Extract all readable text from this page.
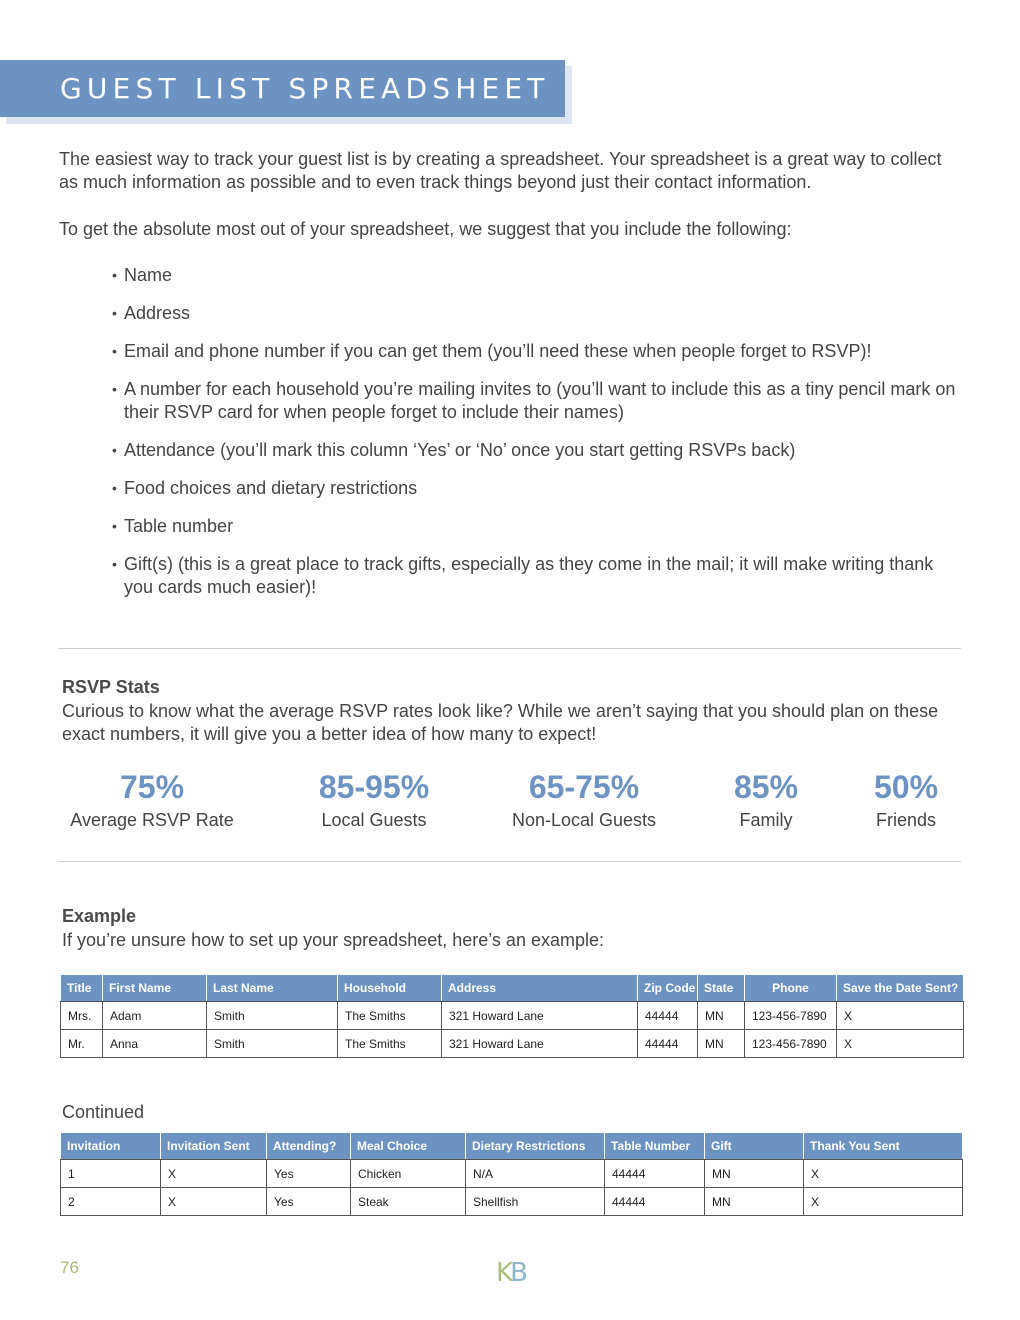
GUEST LIST SPREADSHEET

The easiest way to track your guest list is by creating a spreadsheet. Your spreadsheet is a great way to collect as much information as possible and to even track things beyond just their contact information.

To get the absolute most out of your spreadsheet, we suggest that you include the following:

• Name
• Address
• Email and phone number if you can get them (you’ll need these when people forget to RSVP)!
• A number for each household you’re mailing invites to (you’ll want to include this as a tiny pencil mark on their RSVP card for when people forget to include their names)
• Attendance (you’ll mark this column ‘Yes’ or ‘No’ once you start getting RSVPs back)
• Food choices and dietary restrictions
• Table number
• Gift(s) (this is a great place to track gifts, especially as they come in the mail; it will make writing thank you cards much easier)!
RSVP Stats

Curious to know what the average RSVP rates look like? While we aren’t saying that you should plan on these exact numbers, it will give you a better idea of how many to expect!

75%
Average RSVP Rate
85-95%
Local Guests
65-75%
Non-Local Guests
85%
Family
50%
Friends
Example

If you’re unsure how to set up your spreadsheet, here’s an example:

Title	First Name	Last Name	Household	Address	Zip Code	State	Phone	Save the Date Sent?
Mrs.	Adam	Smith	The Smiths	321 Howard Lane	44444	MN	123-456-7890	X
Mr.	Anna	Smith	The Smiths	321 Howard Lane	44444	MN	123-456-7890	X
Continued
Invitation	Invitation Sent	Attending?	Meal Choice	Dietary Restrictions	Table Number	Gift	Thank You Sent
1	X	Yes	Chicken	N/A	44444	MN	X
2	X	Yes	Steak	Shellfish	44444	MN	X
76	KB
